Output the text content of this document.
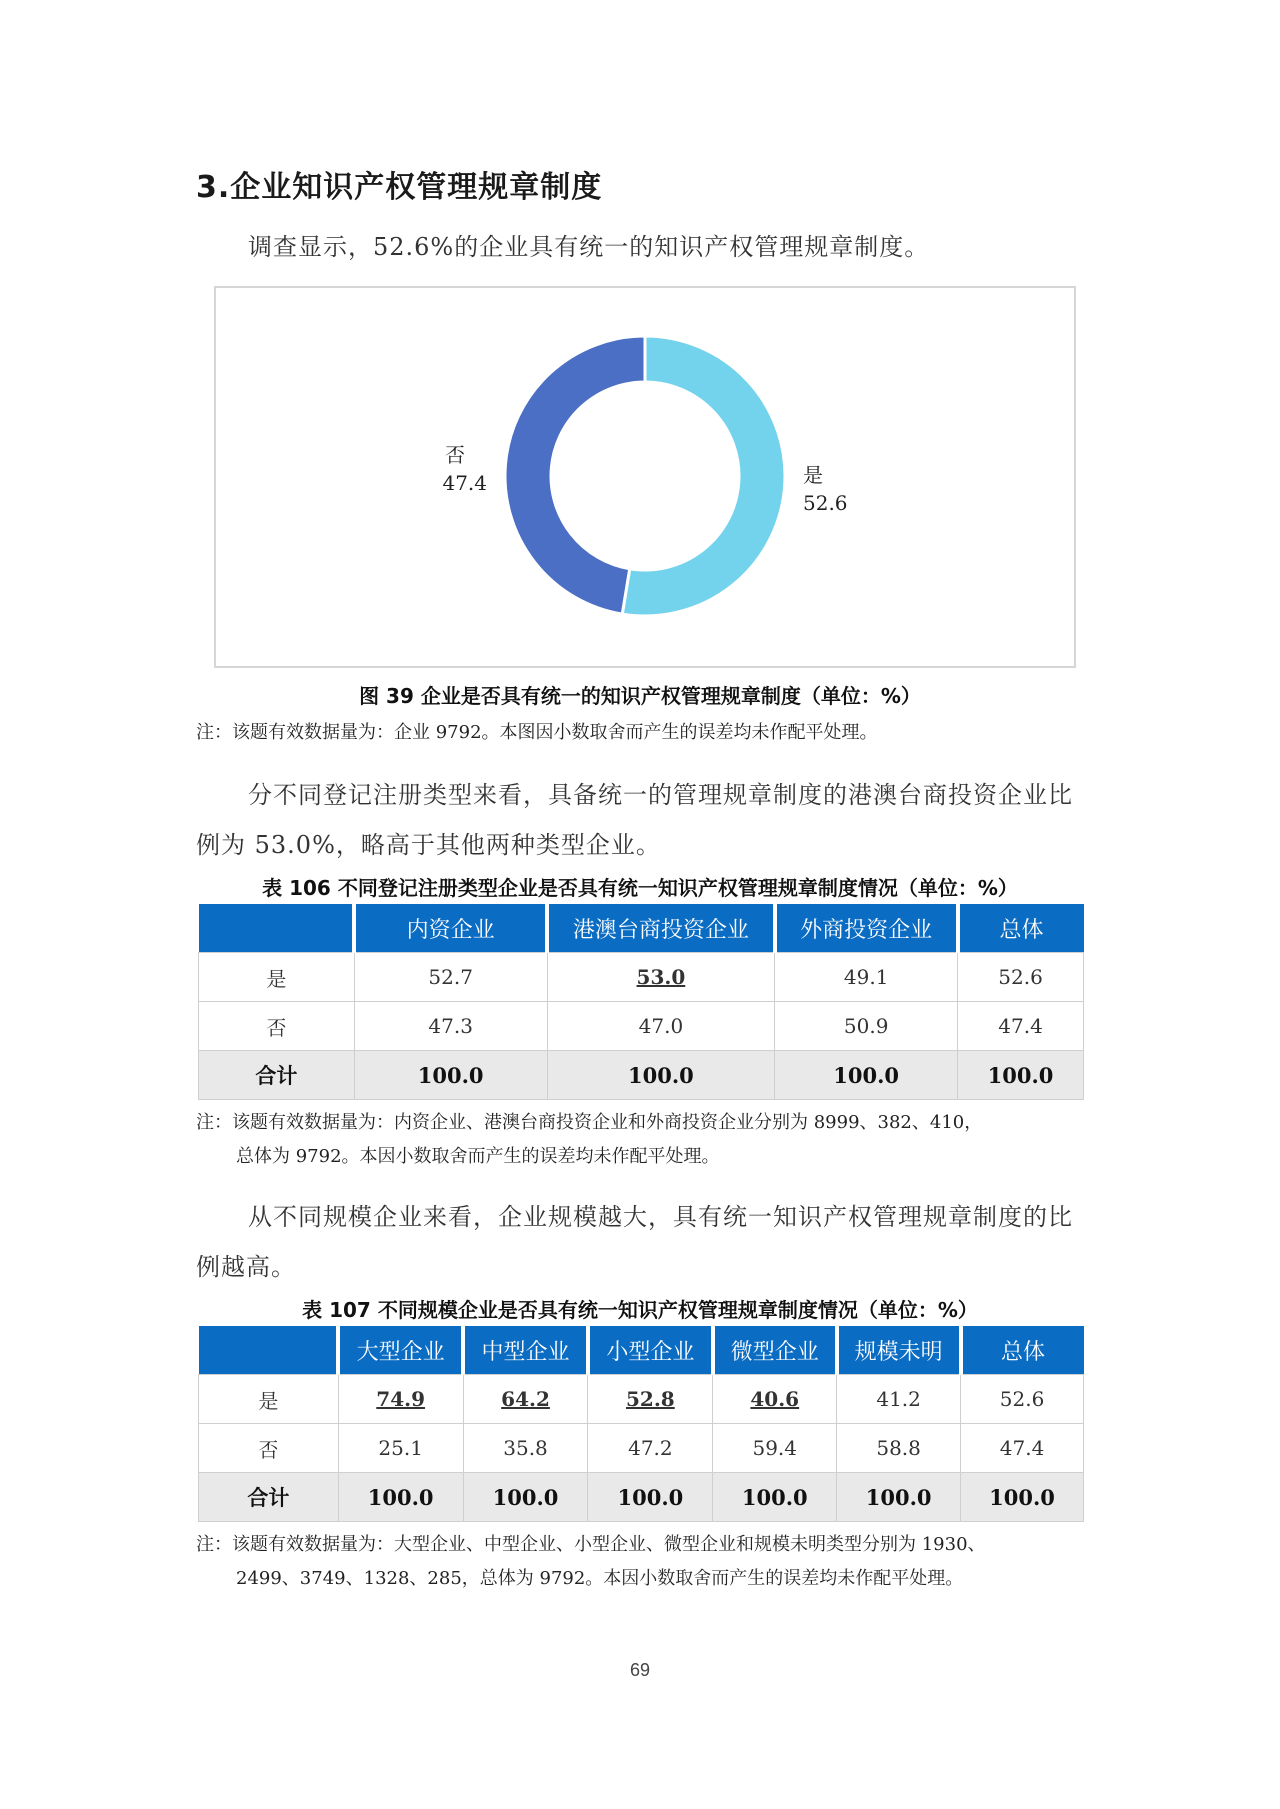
3.企业知识产权管理规章制度
调查显示，52.6%的企业具有统一的知识产权管理规章制度。
是
52.6
否
47.4
图 39 企业是否具有统一的知识产权管理规章制度（单位：%）
注：该题有效数据量为：企业 9792。本图因小数取舍而产生的误差均未作配平处理。
分不同登记注册类型来看，具备统一的管理规章制度的港澳台商投资企业比
例为 53.0%，略高于其他两种类型企业。
表 106 不同登记注册类型企业是否具有统一知识产权管理规章制度情况（单位：%）
	内资企业	港澳台商投资企业	外商投资企业	总体
是	52.7	53.0	49.1	52.6
否	47.3	47.0	50.9	47.4
合计	100.0	100.0	100.0	100.0
注：该题有效数据量为：内资企业、港澳台商投资企业和外商投资企业分别为 8999、382、410，
总体为 9792。本因小数取舍而产生的误差均未作配平处理。
从不同规模企业来看，企业规模越大，具有统一知识产权管理规章制度的比
例越高。
表 107 不同规模企业是否具有统一知识产权管理规章制度情况（单位：%）
	大型企业	中型企业	小型企业	微型企业	规模未明	总体
是	74.9	64.2	52.8	40.6	41.2	52.6
否	25.1	35.8	47.2	59.4	58.8	47.4
合计	100.0	100.0	100.0	100.0	100.0	100.0
注：该题有效数据量为：大型企业、中型企业、小型企业、微型企业和规模未明类型分别为 1930、
2499、3749、1328、285，总体为 9792。本因小数取舍而产生的误差均未作配平处理。
69
